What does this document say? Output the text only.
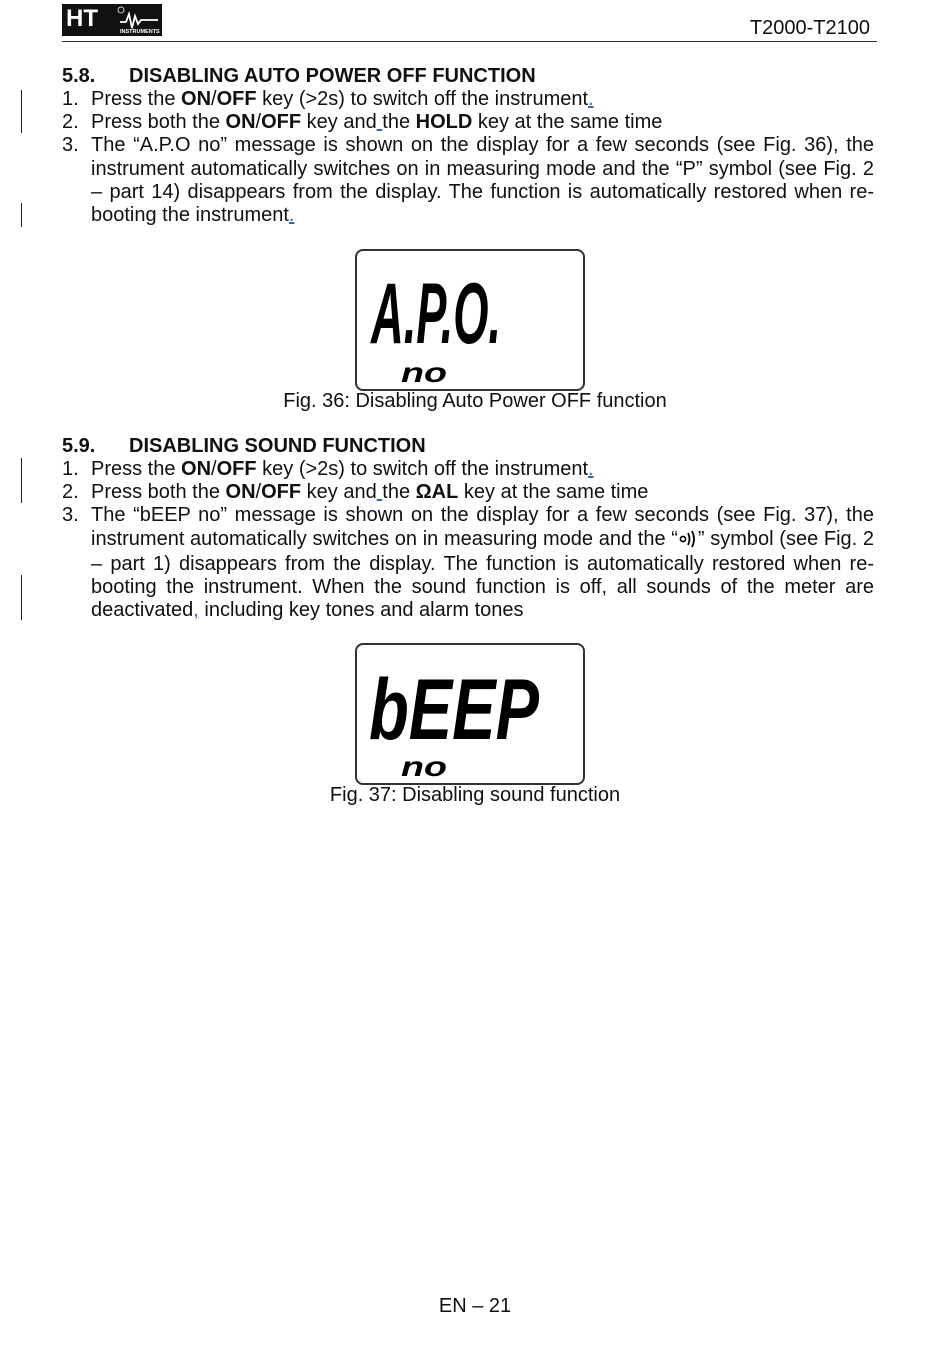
HT	INSTRUMENTS	T2000-T2100
5.8. DISABLING AUTO POWER OFF FUNCTION
1. Press the ON/OFF key (>2s) to switch off the instrument.
2. Press both the ON/OFF key and the HOLD key at the same time
3. The “A.P.O no” message is shown on the display for a few seconds (see Fig. 36), the instrument automatically switches on in measuring mode and the “P” symbol (see Fig. 2 – part 14) disappears from the display. The function is automatically restored when re-booting the instrument.
A.P.O.
no
Fig. 36: Disabling Auto Power OFF function
5.9. DISABLING SOUND FUNCTION
1. Press the ON/OFF key (>2s) to switch off the instrument.
2. Press both the ON/OFF key and the ΩAL key at the same time
3. The “bEEP no” message is shown on the display for a few seconds (see Fig. 37), the instrument automatically switches on in measuring mode and the “ ” symbol (see Fig. 2 – part 1) disappears from the display. The function is automatically restored when re-booting the instrument. When the sound function is off, all sounds of the meter are deactivated, including key tones and alarm tones
bEEP
no
Fig. 37: Disabling sound function
EN – 21
